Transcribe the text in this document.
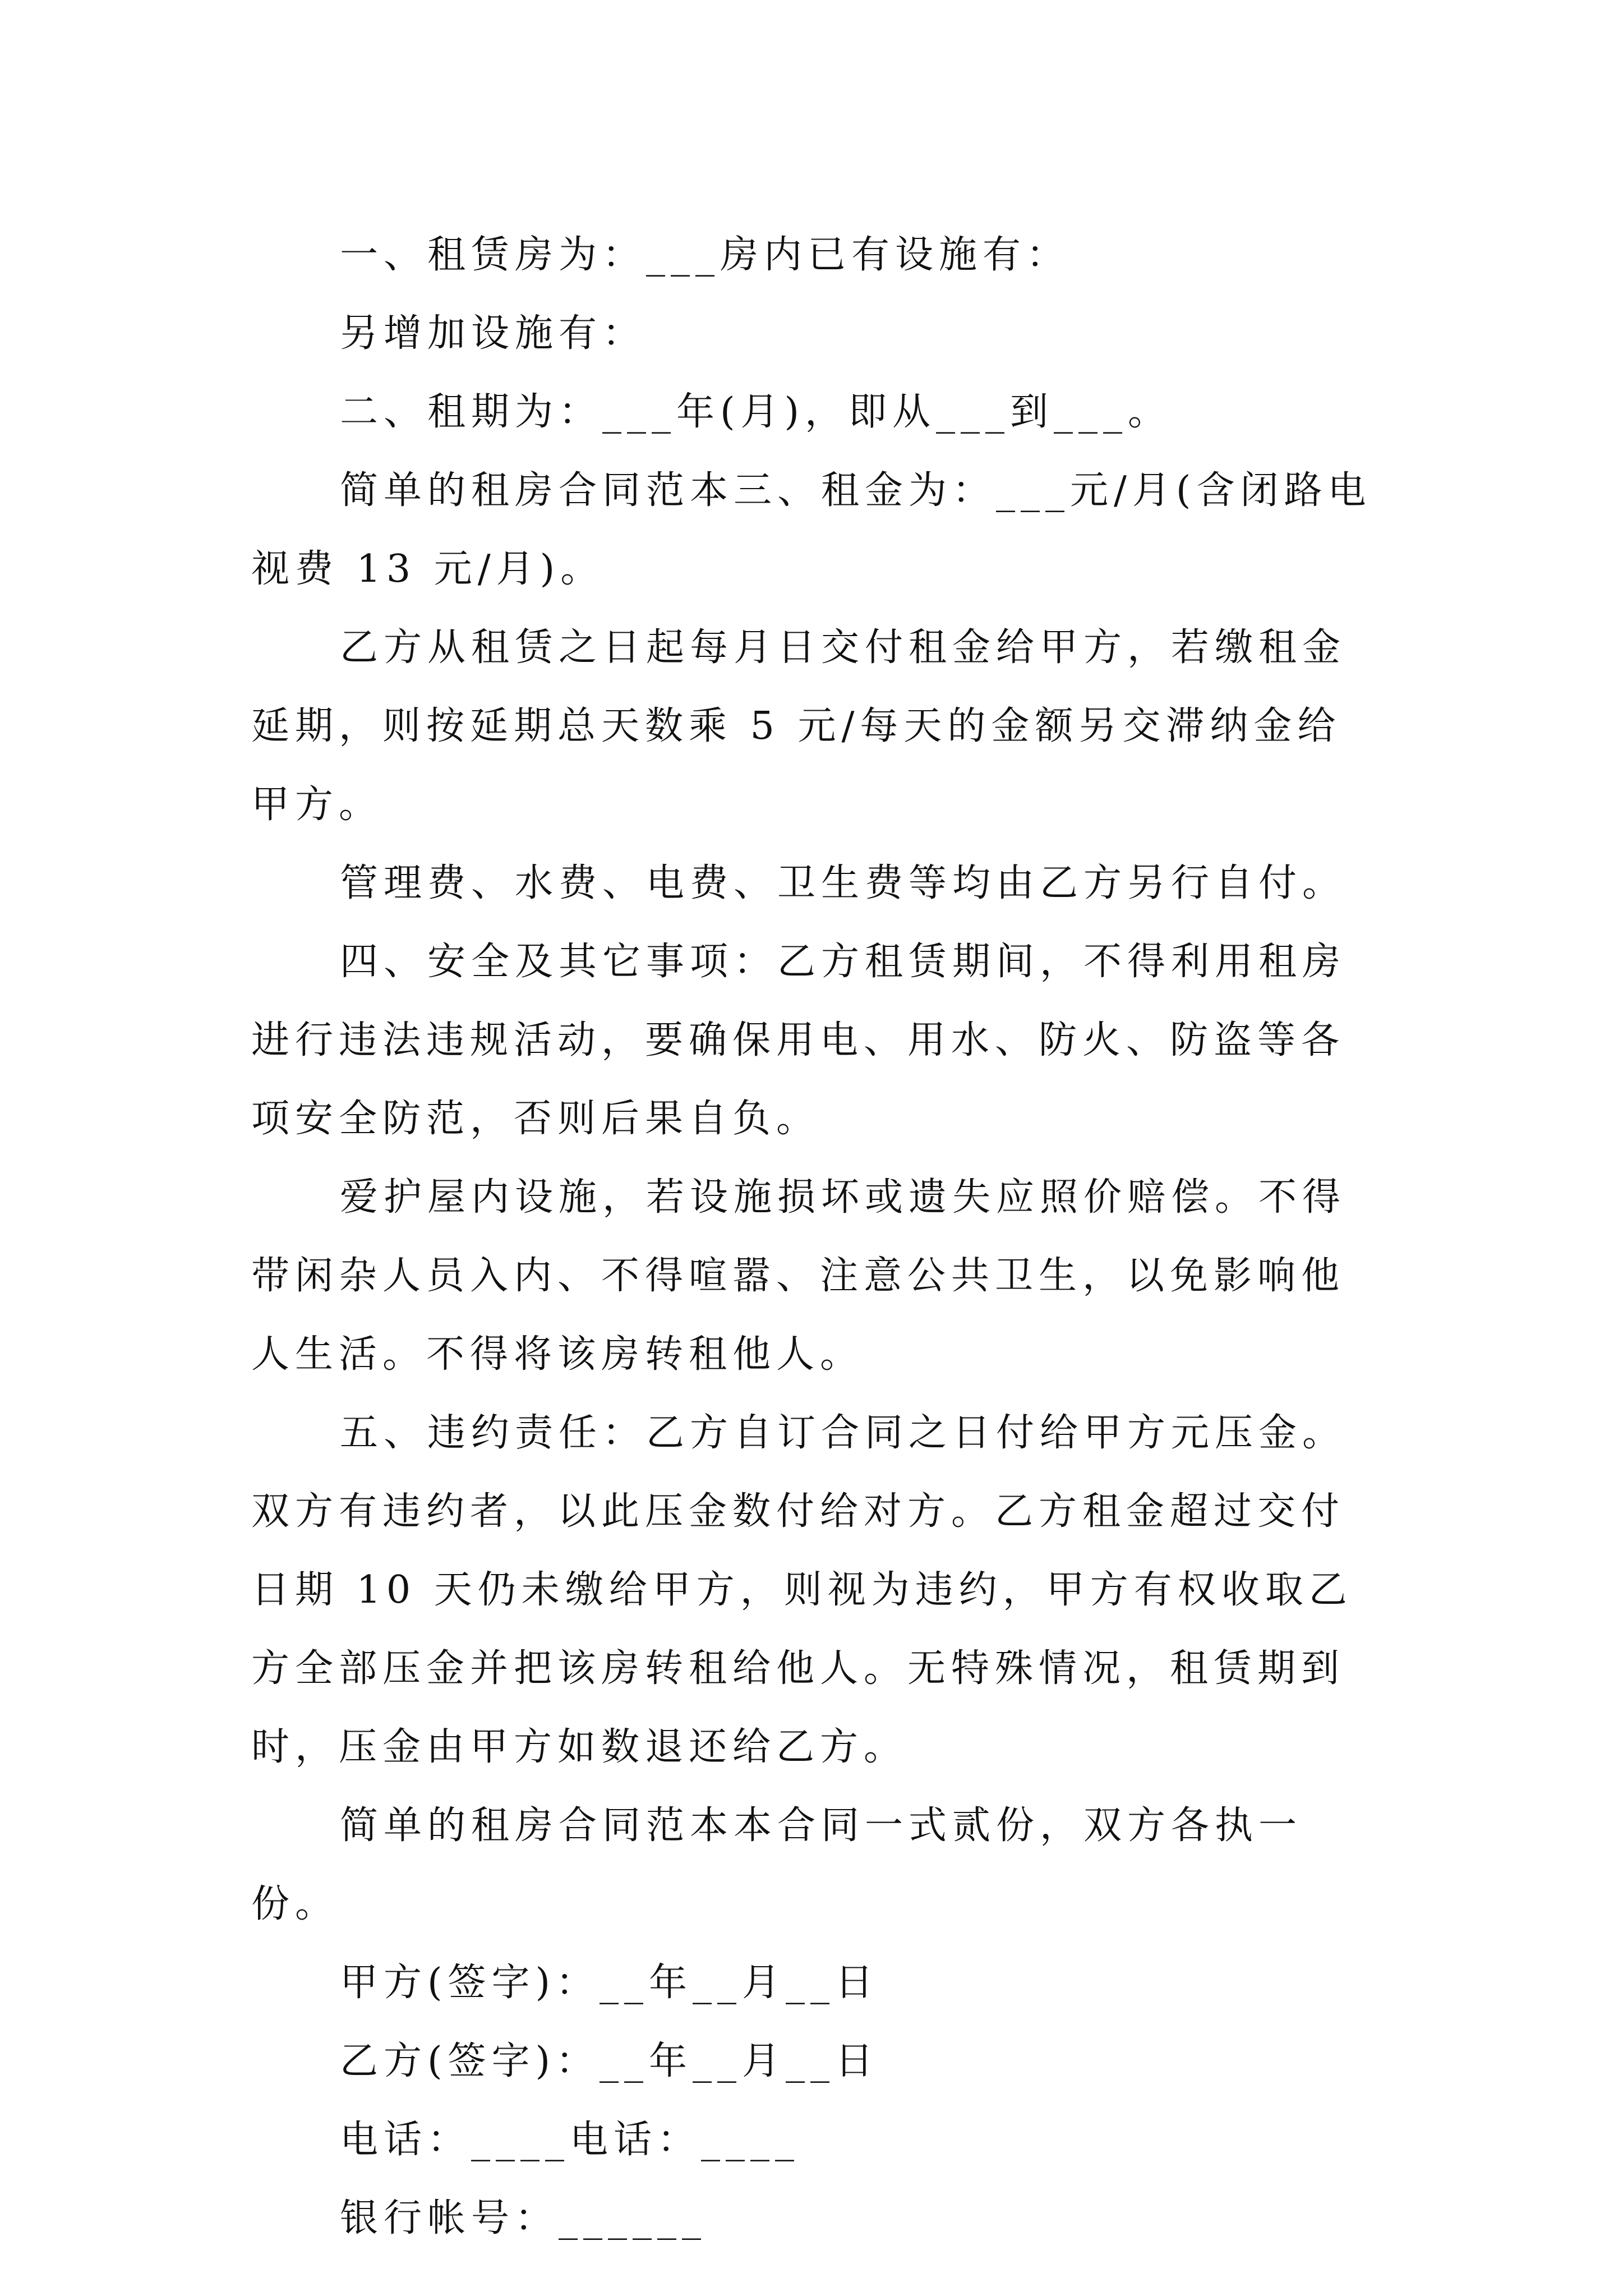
一、租赁房为：___房内已有设施有：

另增加设施有：

二、租期为：___年(月)，即从___到___。

简单的租房合同范本三、租金为：___元/月(含闭路电视费 13 元/月)。

乙方从租赁之日起每月日交付租金给甲方，若缴租金延期，则按延期总天数乘 5 元/每天的金额另交滞纳金给甲方。

管理费、水费、电费、卫生费等均由乙方另行自付。

四、安全及其它事项：乙方租赁期间，不得利用租房进行违法违规活动，要确保用电、用水、防火、防盗等各项安全防范，否则后果自负。

爱护屋内设施，若设施损坏或遗失应照价赔偿。不得带闲杂人员入内、不得喧嚣、注意公共卫生，以免影响他人生活。不得将该房转租他人。

五、违约责任：乙方自订合同之日付给甲方元压金。双方有违约者，以此压金数付给对方。乙方租金超过交付日期 10 天仍未缴给甲方，则视为违约，甲方有权收取乙方全部压金并把该房转租给他人。无特殊情况，租赁期到时，压金由甲方如数退还给乙方。

简单的租房合同范本本合同一式贰份，双方各执一份。

甲方(签字)：__年__月__日

乙方(签字)：__年__月__日

电话：____电话：____

银行帐号：______
